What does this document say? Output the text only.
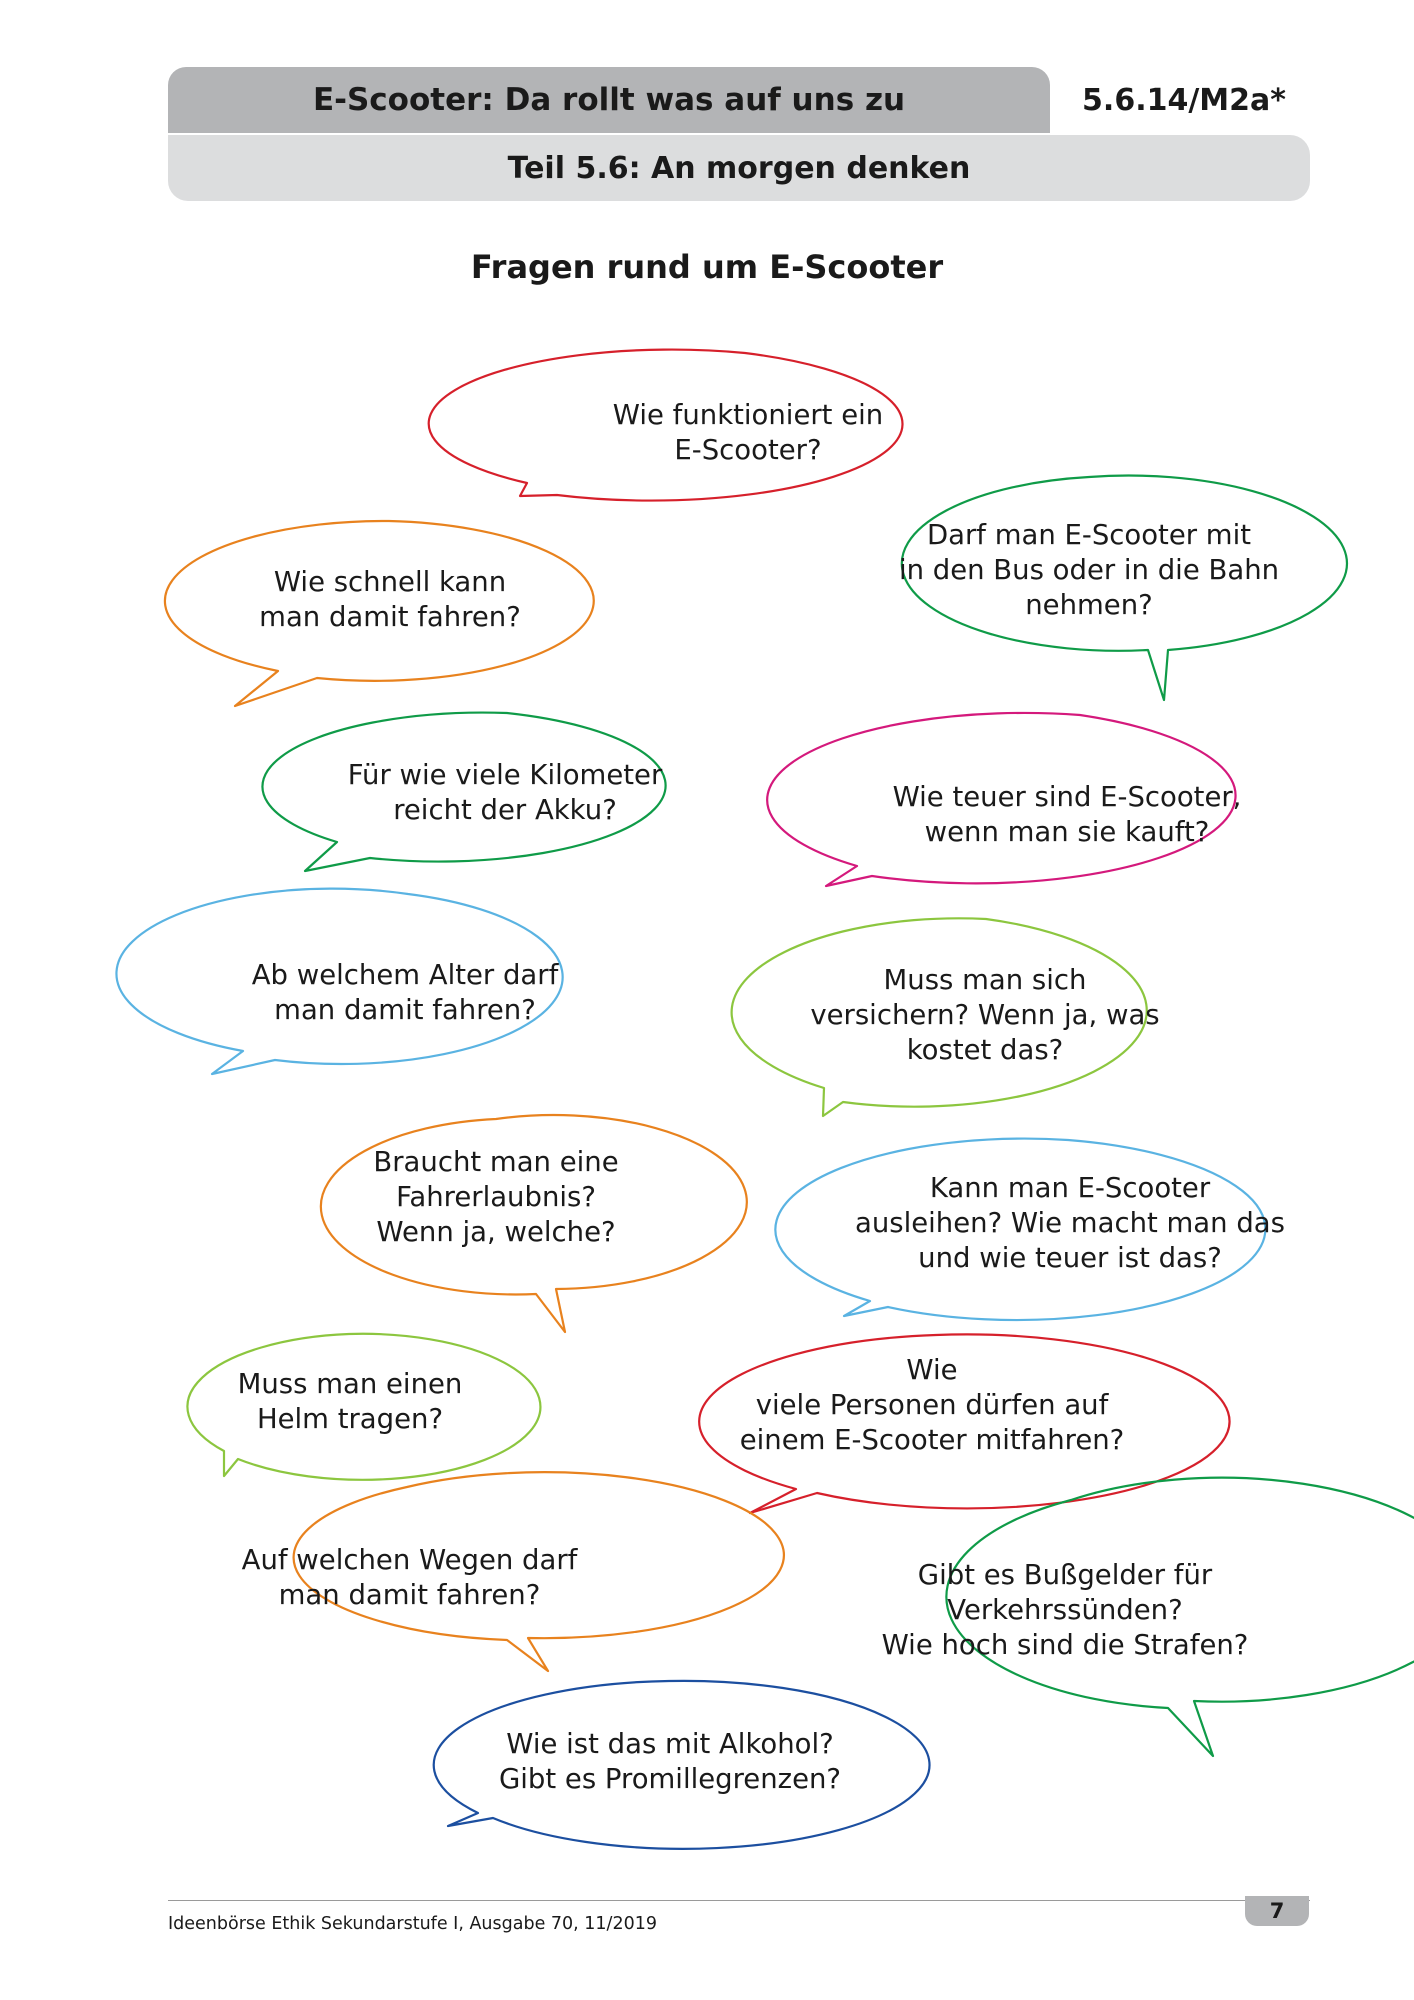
E-Scooter: Da rollt was auf uns zu	5.6.14/M2a*
Teil 5.6: An morgen denken
Fragen rund um E-Scooter
Wie funktioniert ein
E-Scooter?
Darf man E-Scooter mit
in den Bus oder in die Bahn
nehmen?
Wie schnell kann
man damit fahren?
Für wie viele Kilometer
reicht der Akku?	Wie teuer sind E-Scooter,
wenn man sie kauft?
Ab welchem Alter darf
man damit fahren?
Muss man sich
versichern? Wenn ja, was
kostet das?
Braucht man eine
Fahrerlaubnis?
Wenn ja, welche?
Kann man E-Scooter
ausleihen? Wie macht man das
und wie teuer ist das?
Muss man einen
Helm tragen?
Wie
viele Personen dürfen auf
einem E-Scooter mitfahren?
Auf welchen Wegen darf
man damit fahren?
Gibt es Bußgelder für
Verkehrssünden?
Wie hoch sind die Strafen?
Wie ist das mit Alkohol?
Gibt es Promillegrenzen?
Ideenbörse Ethik Sekundarstufe I, Ausgabe 70, 11/2019
7
